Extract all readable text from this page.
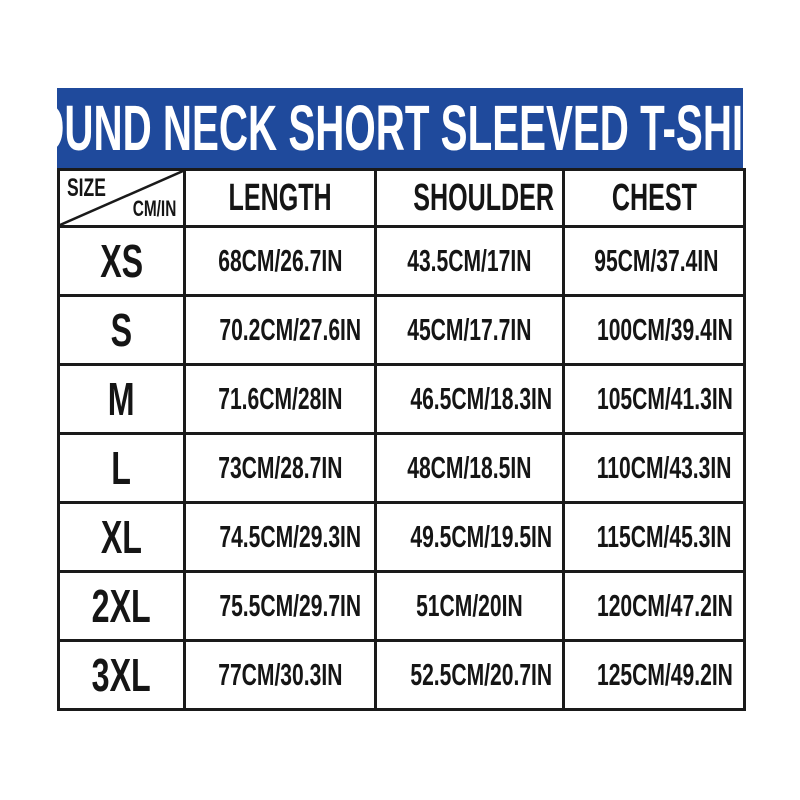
ROUND NECK SHORT SLEEVED T-SHIRT
SIZE
CM/IN	LENGTH	SHOULDER	CHEST
XS	68CM/26.7IN	43.5CM/17IN	95CM/37.4IN
S	70.2CM/27.6IN	45CM/17.7IN	100CM/39.4IN
M	71.6CM/28IN	46.5CM/18.3IN	105CM/41.3IN
L	73CM/28.7IN	48CM/18.5IN	110CM/43.3IN
XL	74.5CM/29.3IN	49.5CM/19.5IN	115CM/45.3IN
2XL	75.5CM/29.7IN	51CM/20IN	120CM/47.2IN
3XL	77CM/30.3IN	52.5CM/20.7IN	125CM/49.2IN
